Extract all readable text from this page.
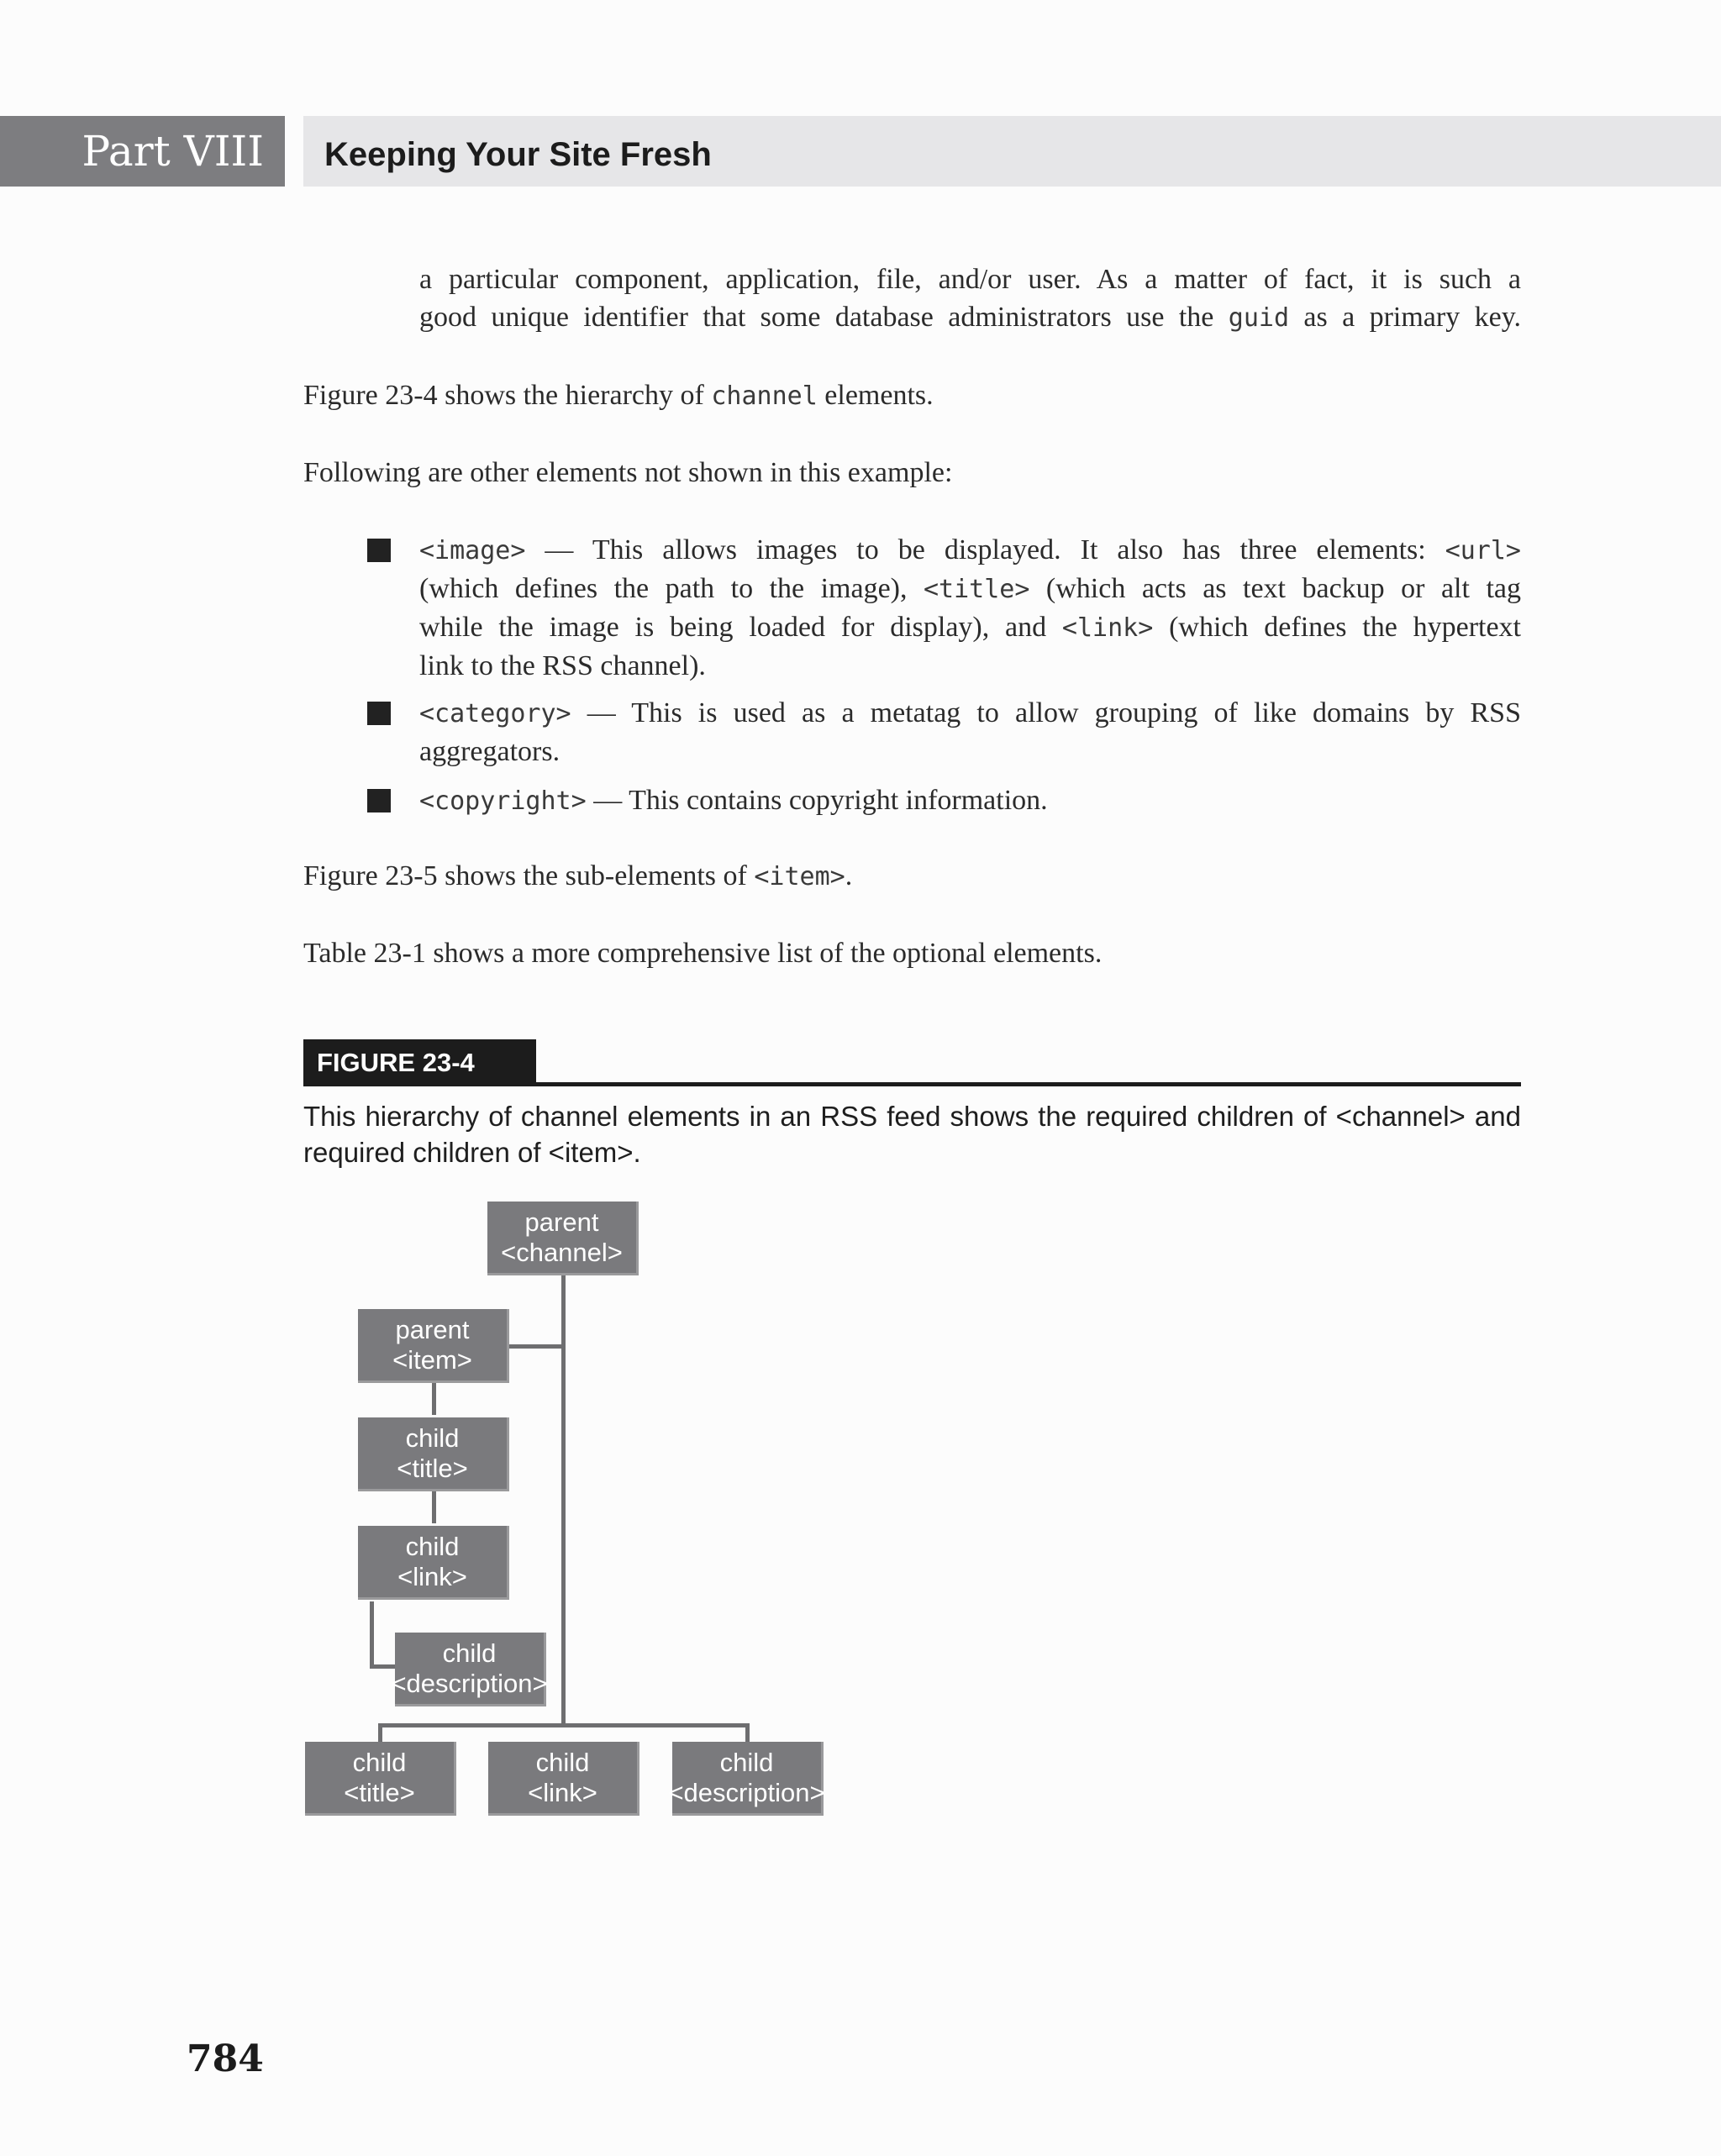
Part VIII	Keeping Your Site Fresh
a particular component, application, file, and/or user. As a matter of fact, it is such a
good unique identifier that some database administrators use the guid as a primary key.
Figure 23-4 shows the hierarchy of channel elements.
Following are other elements not shown in this example:
<image> — This allows images to be displayed. It also has three elements: <url>
(which defines the path to the image), <title> (which acts as text backup or alt tag
while the image is being loaded for display), and <link> (which defines the hypertext
link to the RSS channel).
<category> — This is used as a metatag to allow grouping of like domains by RSS
aggregators.
<copyright> — This contains copyright information.
Figure 23-5 shows the sub-elements of <item>.
Table 23-1 shows a more comprehensive list of the optional elements.
FIGURE 23-4
This hierarchy of channel elements in an RSS feed shows the required children of <channel> and
required children of <item>.
parent
<channel>
parent
<item>
child
<title>
child
<link>
child
<description>
child
<title>
child
<link>
child
<description>
784
